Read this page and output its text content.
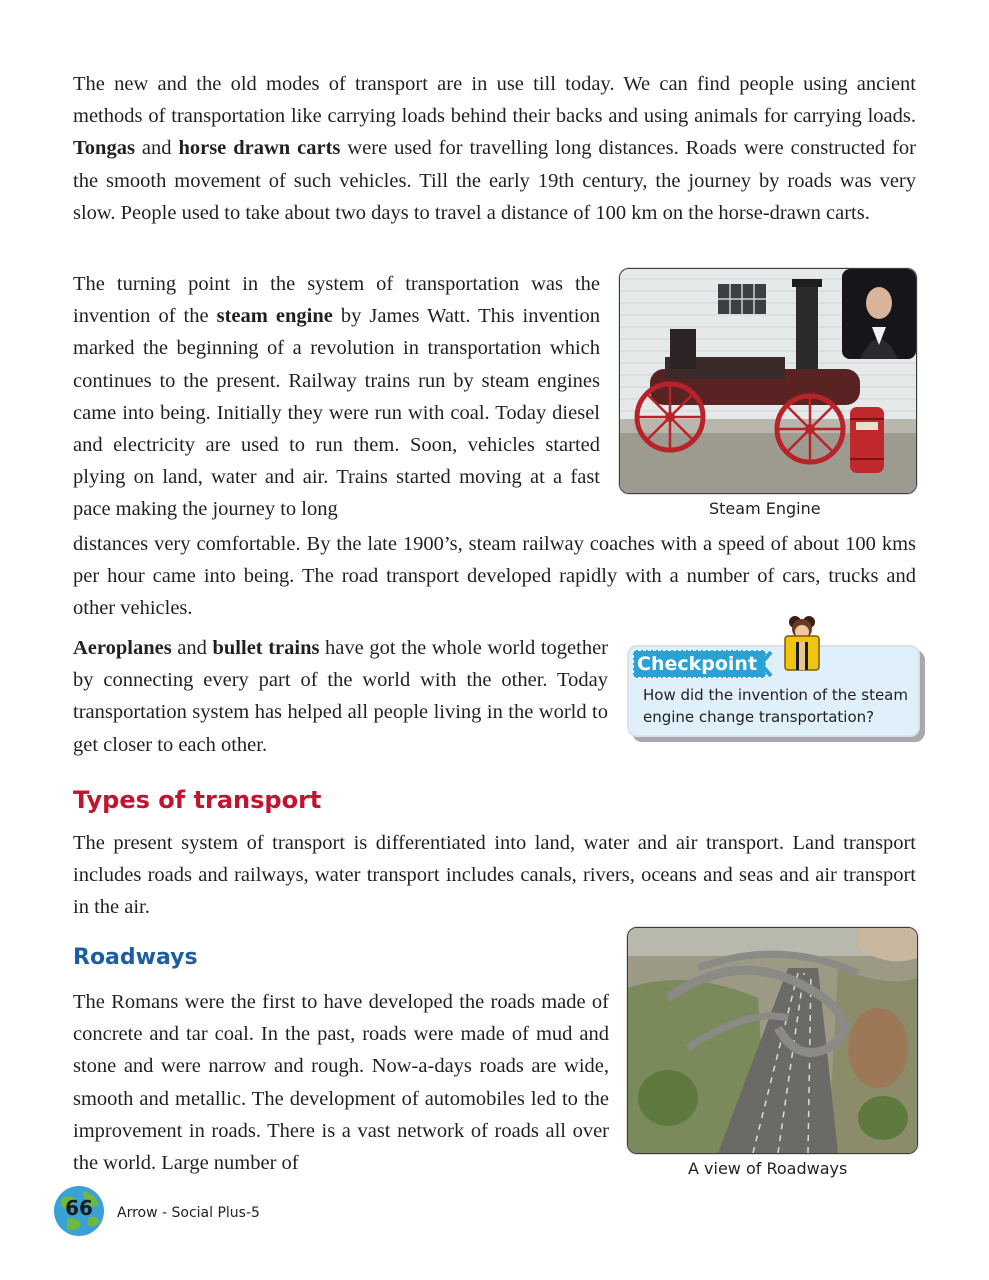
The new and the old modes of transport are in use till today. We can find people using ancient methods of transportation like carrying loads behind their backs and using animals for carrying loads. Tongas and horse drawn carts were used for travelling long distances. Roads were constructed for the smooth movement of such vehicles. Till the early 19th century, the journey by roads was very slow. People used to take about two days to travel a distance of 100 km on the horse-drawn carts.

The turning point in the system of transportation was the invention of the steam engine by James Watt. This invention marked the beginning of a revolution in transportation which continues to the present. Railway trains run by steam engines came into being. Initially they were run with coal. Today diesel and electricity are used to run them. Soon, vehicles started plying on land, water and air. Trains started moving at a fast pace making the journey to long

distances very comfortable. By the late 1900’s, steam railway coaches with a speed of about 100 kms per hour came into being. The road transport developed rapidly with a number of cars, trucks and other vehicles.

Steam Engine

Aeroplanes and bullet trains have got the whole world together by connecting every part of the world with the other. Today transportation system has helped all people living in the world to get closer to each other.

Checkpoint
How did the invention of the steam engine change transportation?
Types of transport

The present system of transport is differentiated into land, water and air transport. Land transport includes roads and railways, water transport includes canals, rivers, oceans and seas and air transport in the air.

Roadways

The Romans were the first to have developed the roads made of concrete and tar coal. In the past, roads were made of mud and stone and were narrow and rough. Now-a-days roads are wide, smooth and metallic. The development of automobiles led to the improvement in roads. There is a vast network of roads all over the world. Large number of	A view of Roadways
66	Arrow - Social Plus-5
